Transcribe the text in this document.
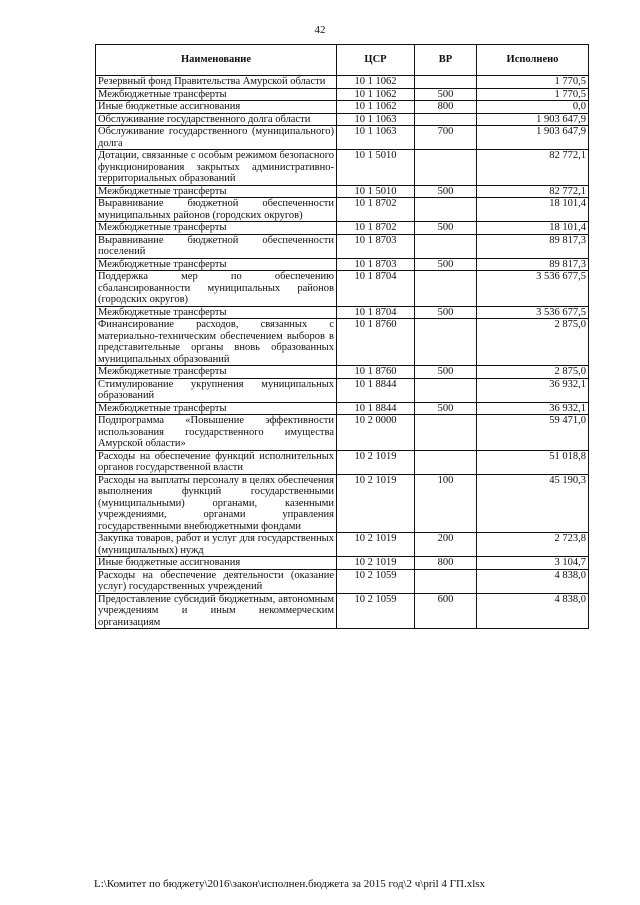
42
Наименование	ЦСР	ВР	Исполнено
Резервный фонд Правительства Амурской области	10 1 1062		1 770,5
Межбюджетные трансферты	10 1 1062	500	1 770,5
Иные бюджетные ассигнования	10 1 1062	800	0,0
Обслуживание государственного долга области	10 1 1063		1 903 647,9
Обслуживание государственного (муниципального) долга	10 1 1063	700	1 903 647,9
Дотации, связанные с особым режимом безопасного функционирования закрытых административно-территориальных образований	10 1 5010		82 772,1
Межбюджетные трансферты	10 1 5010	500	82 772,1
Выравнивание бюджетной обеспеченности муниципальных районов (городских округов)	10 1 8702		18 101,4
Межбюджетные трансферты	10 1 8702	500	18 101,4
Выравнивание бюджетной обеспеченности поселений	10 1 8703		89 817,3
Межбюджетные трансферты	10 1 8703	500	89 817,3
Поддержка мер по обеспечению сбалансированности муниципальных районов (городских округов)	10 1 8704		3 536 677,5
Межбюджетные трансферты	10 1 8704	500	3 536 677,5
Финансирование расходов, связанных с материально-техническим обеспечением выборов в представительные органы вновь образованных муниципальных образований	10 1 8760		2 875,0
Межбюджетные трансферты	10 1 8760	500	2 875,0
Стимулирование укрупнения муниципальных образований	10 1 8844		36 932,1
Межбюджетные трансферты	10 1 8844	500	36 932,1
Подпрограмма «Повышение эффективности использования государственного имущества Амурской области»	10 2 0000		59 471,0
Расходы на обеспечение функций исполнительных органов государственной власти	10 2 1019		51 018,8
Расходы на выплаты персоналу в целях обеспечения выполнения функций государственными (муниципальными) органами, казенными учреждениями, органами управления государственными внебюджетными фондами	10 2 1019	100	45 190,3
Закупка товаров, работ и услуг для государственных (муниципальных) нужд	10 2 1019	200	2 723,8
Иные бюджетные ассигнования	10 2 1019	800	3 104,7
Расходы на обеспечение деятельности (оказание услуг) государственных учреждений	10 2 1059		4 838,0
Предоставление субсидий бюджетным, автономным учреждениям и иным некоммерческим организациям	10 2 1059	600	4 838,0
L:\Комитет по бюджету\2016\закон\исполнен.бюджета за 2015 год\2 ч\pril 4 ГП.xlsx
